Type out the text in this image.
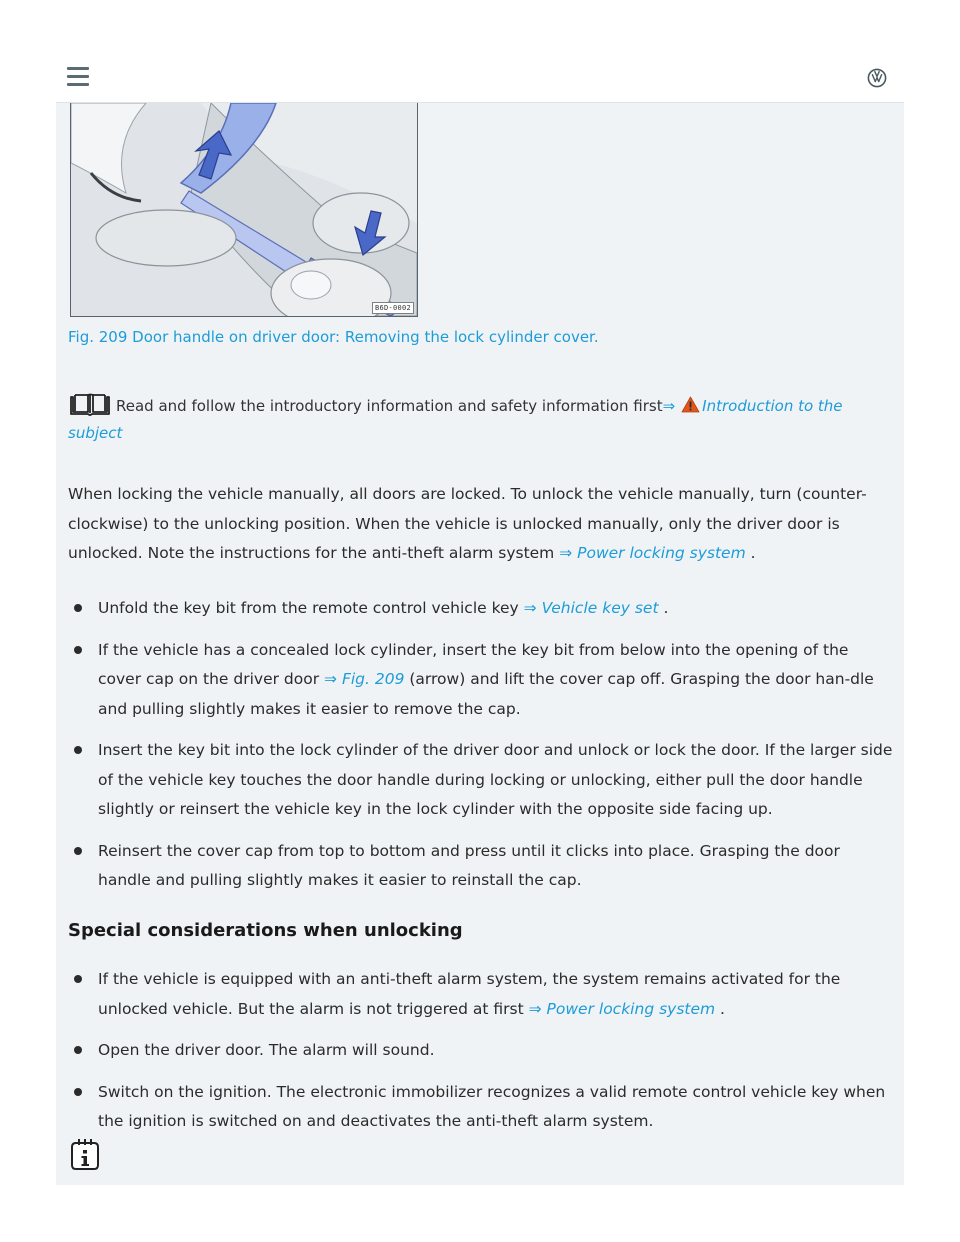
B6D-0002
Fig. 209 Door handle on driver door: Removing the lock cylinder cover.
Read and follow the introductory information and safety information first⇒ Introduction to the subject
When locking the vehicle manually, all doors are locked. To unlock the vehicle manually, turn (counter-clockwise) to the unlocking position. When the vehicle is unlocked manually, only the driver door is unlocked. Note the instructions for the anti-theft alarm system ⇒ Power locking system .
Unfold the key bit from the remote control vehicle key ⇒ Vehicle key set .
If the vehicle has a concealed lock cylinder, insert the key bit from below into the opening of the cover cap on the driver door ⇒ Fig. 209 (arrow) and lift the cover cap off. Grasping the door han-dle and pulling slightly makes it easier to remove the cap.
Insert the key bit into the lock cylinder of the driver door and unlock or lock the door. If the larger side of the vehicle key touches the door handle during locking or unlocking, either pull the door handle slightly or reinsert the vehicle key in the lock cylinder with the opposite side facing up.
Reinsert the cover cap from top to bottom and press until it clicks into place. Grasping the door handle and pulling slightly makes it easier to reinstall the cap.
Special considerations when unlocking
If the vehicle is equipped with an anti-theft alarm system, the system remains activated for the unlocked vehicle. But the alarm is not triggered at first ⇒ Power locking system .
Open the driver door. The alarm will sound.
Switch on the ignition. The electronic immobilizer recognizes a valid remote control vehicle key when the ignition is switched on and deactivates the anti-theft alarm system.
